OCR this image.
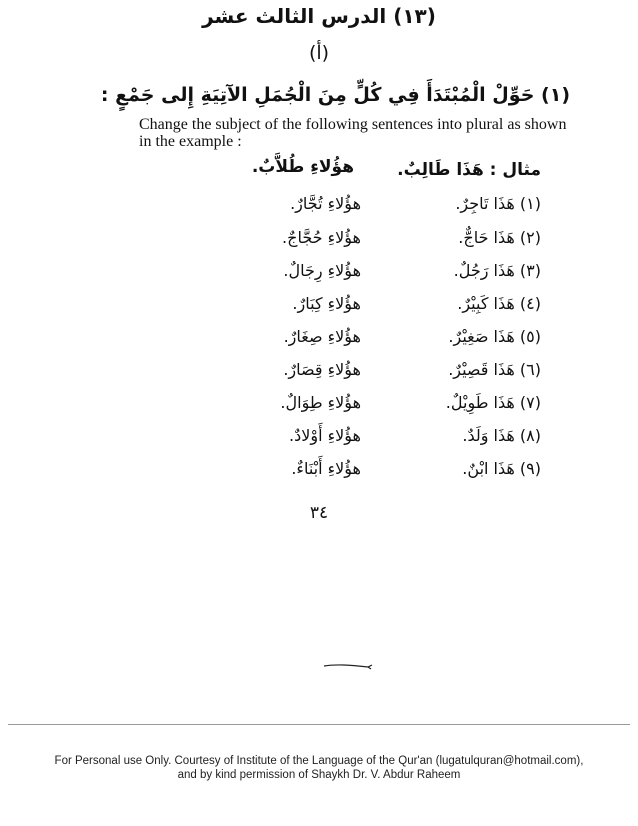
(١٣) الدرس الثالث عشر
(أ)
(١) حَوِّلْ الْمُبْتَدَأَ فِي كُلٍّ مِنَ الْجُمَلِ الآتِيَةِ إِلى جَمْعٍ :
Change the subject of the following sentences into plural as shown in the example :
مثال : هَذَا طَالِبٌ.
هؤُلاءِ طُلاَّبٌ.
(١) هَذَا تَاجِرٌ.
هؤُلاءِ تُجَّارٌ.
(٢) هَذَا حَاجٌّ.
هؤُلاءِ حُجَّاجٌ.
(٣) هَذَا رَجُلٌ.
هؤُلاءِ رِجَالٌ.
(٤) هَذَا كَبِيْرٌ.
هؤُلاءِ كِبَارٌ.
(٥) هَذَا صَغِيْرٌ.
هؤُلاءِ صِغَارٌ.
(٦) هَذَا قَصِيْرٌ.
هؤُلاءِ قِصَارٌ.
(٧) هَذَا طَوِيْلٌ.
هؤُلاءِ طِوَالٌ.
(٨) هَذَا وَلَدٌ.
هؤُلاءِ أَوْلادٌ.
(٩) هَذَا ابْنٌ.
هؤُلاءِ أَبْنَاءٌ.
٣٤
For Personal use Only. Courtesy of Institute of the Language of the Qur'an (lugatulquran@hotmail.com),
and by kind permission of Shaykh Dr. V. Abdur Raheem
